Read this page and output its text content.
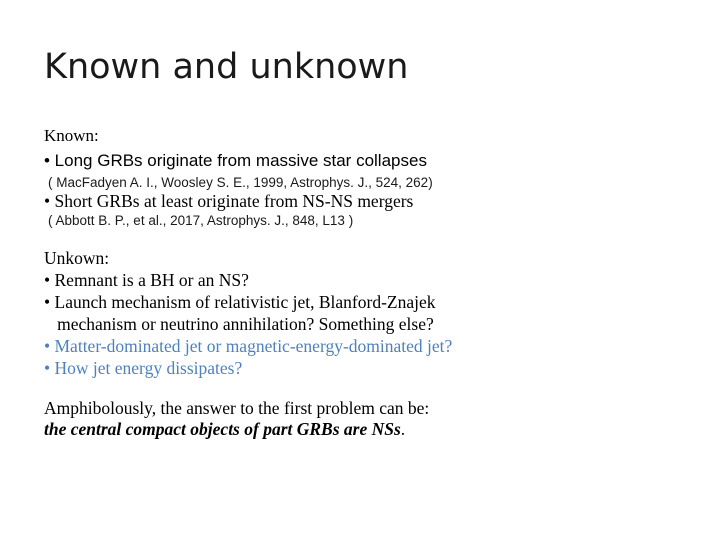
Known and unknown
Known:
• Long GRBs originate from massive star collapses
( MacFadyen A. I., Woosley S. E., 1999, Astrophys. J., 524, 262)
• Short GRBs at least originate from NS-NS mergers
( Abbott B. P., et al., 2017, Astrophys. J., 848, L13 )
Unkown:
• Remnant is a BH or an NS?
• Launch mechanism of relativistic jet, Blanford-Znajek
mechanism or neutrino annihilation? Something else?
• Matter-dominated jet or magnetic-energy-dominated jet?
• How jet energy dissipates?
Amphibolously, the answer to the first problem can be:
the central compact objects of part GRBs are NSs.
